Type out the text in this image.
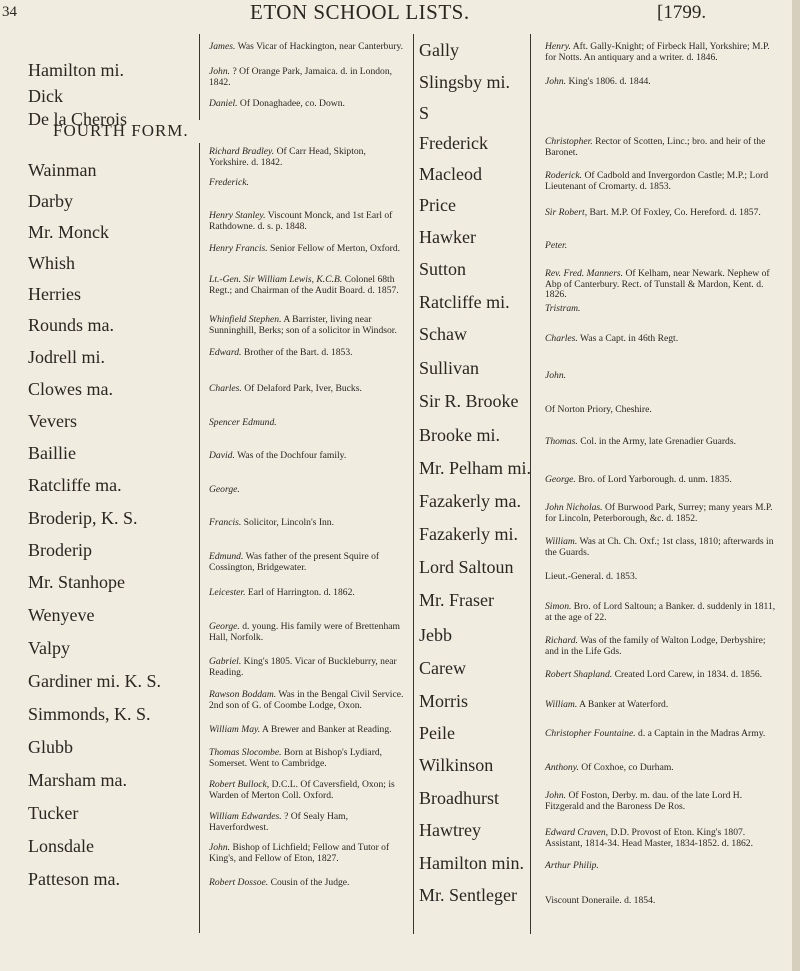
34	ETON SCHOOL LISTS.	[1799.
Hamilton mi.
Dick
De la Cherois
FOURTH FORM.
Wainman
Darby
Mr. Monck
Whish
Herries
Rounds ma.
Jodrell mi.
Clowes ma.
Vevers
Baillie
Ratcliffe ma.
Broderip, K. S.
Broderip
Mr. Stanhope
Wenyeve
Valpy
Gardiner mi. K. S.
Simmonds, K. S.
Glubb
Marsham ma.
Tucker
Lonsdale
Patteson ma.
James. Was Vicar of Hackington, near Canterbury.
John. ? Of Orange Park, Jamaica. d. in London, 1842.
Daniel. Of Donaghadee, co. Down.
Richard Bradley. Of Carr Head, Skipton, Yorkshire. d. 1842.
Frederick.
Henry Stanley. Viscount Monck, and 1st Earl of Rathdowne. d. s. p. 1848.
Henry Francis. Senior Fellow of Merton, Oxford.
Lt.-Gen. Sir William Lewis, K.C.B. Colonel 68th Regt.; and Chairman of the Audit Board. d. 1857.
Whinfield Stephen. A Barrister, living near Sunninghill, Berks; son of a solicitor in Windsor.
Edward. Brother of the Bart. d. 1853.
Charles. Of Delaford Park, Iver, Bucks.
Spencer Edmund.
David. Was of the Dochfour family.
George.
Francis. Solicitor, Lincoln's Inn.
Edmund. Was father of the present Squire of Cossington, Bridgewater.
Leicester. Earl of Harrington. d. 1862.
George. d. young. His family were of Brettenham Hall, Norfolk.
Gabriel. King's 1805. Vicar of Buckleburry, near Reading.
Rawson Boddam. Was in the Bengal Civil Service. 2nd son of G. of Coombe Lodge, Oxon.
William May. A Brewer and Banker at Reading.
Thomas Slocombe. Born at Bishop's Lydiard, Somerset. Went to Cambridge.
Robert Bullock, D.C.L. Of Caversfield, Oxon; is Warden of Merton Coll. Oxford.
William Edwardes. ? Of Sealy Ham, Haverfordwest.
John. Bishop of Lichfield; Fellow and Tutor of King's, and Fellow of Eton, 1827.
Robert Dossoe. Cousin of the Judge.
Gally
Slingsby mi.
S
Frederick
Macleod
Price
Hawker
Sutton
Ratcliffe mi.
Schaw
Sullivan
Sir R. Brooke
Brooke mi.
Mr. Pelham mi.
Fazakerly ma.
Fazakerly mi.
Lord Saltoun
Mr. Fraser
Jebb
Carew
Morris
Peile
Wilkinson
Broadhurst
Hawtrey
Hamilton min.
Mr. Sentleger
Henry. Aft. Gally-Knight; of Firbeck Hall, Yorkshire; M.P. for Notts. An antiquary and a writer. d. 1846.
John. King's 1806. d. 1844.
Christopher. Rector of Scotten, Linc.; bro. and heir of the Baronet.
Roderick. Of Cadbold and Invergordon Castle; M.P.; Lord Lieutenant of Cromarty. d. 1853.
Sir Robert, Bart. M.P. Of Foxley, Co. Hereford. d. 1857.
Peter.
Rev. Fred. Manners. Of Kelham, near Newark. Nephew of Abp of Canterbury. Rect. of Tunstall & Mardon, Kent. d. 1826.
Tristram.
Charles. Was a Capt. in 46th Regt.
John.
Of Norton Priory, Cheshire.
Thomas. Col. in the Army, late Grenadier Guards.
George. Bro. of Lord Yarborough. d. unm. 1835.
John Nicholas. Of Burwood Park, Surrey; many years M.P. for Lincoln, Peterborough, &c. d. 1852.
William. Was at Ch. Ch. Oxf.; 1st class, 1810; afterwards in the Guards.
Lieut.-General. d. 1853.
Simon. Bro. of Lord Saltoun; a Banker. d. suddenly in 1811, at the age of 22.
Richard. Was of the family of Walton Lodge, Derbyshire; and in the Life Gds.
Robert Shapland. Created Lord Carew, in 1834. d. 1856.
William. A Banker at Waterford.
Christopher Fountaine. d. a Captain in the Madras Army.
Anthony. Of Coxhoe, co Durham.
John. Of Foston, Derby. m. dau. of the late Lord H. Fitzgerald and the Baroness De Ros.
Edward Craven, D.D. Provost of Eton. King's 1807. Assistant, 1814-34. Head Master, 1834-1852. d. 1862.
Arthur Philip.
Viscount Doneraile. d. 1854.
